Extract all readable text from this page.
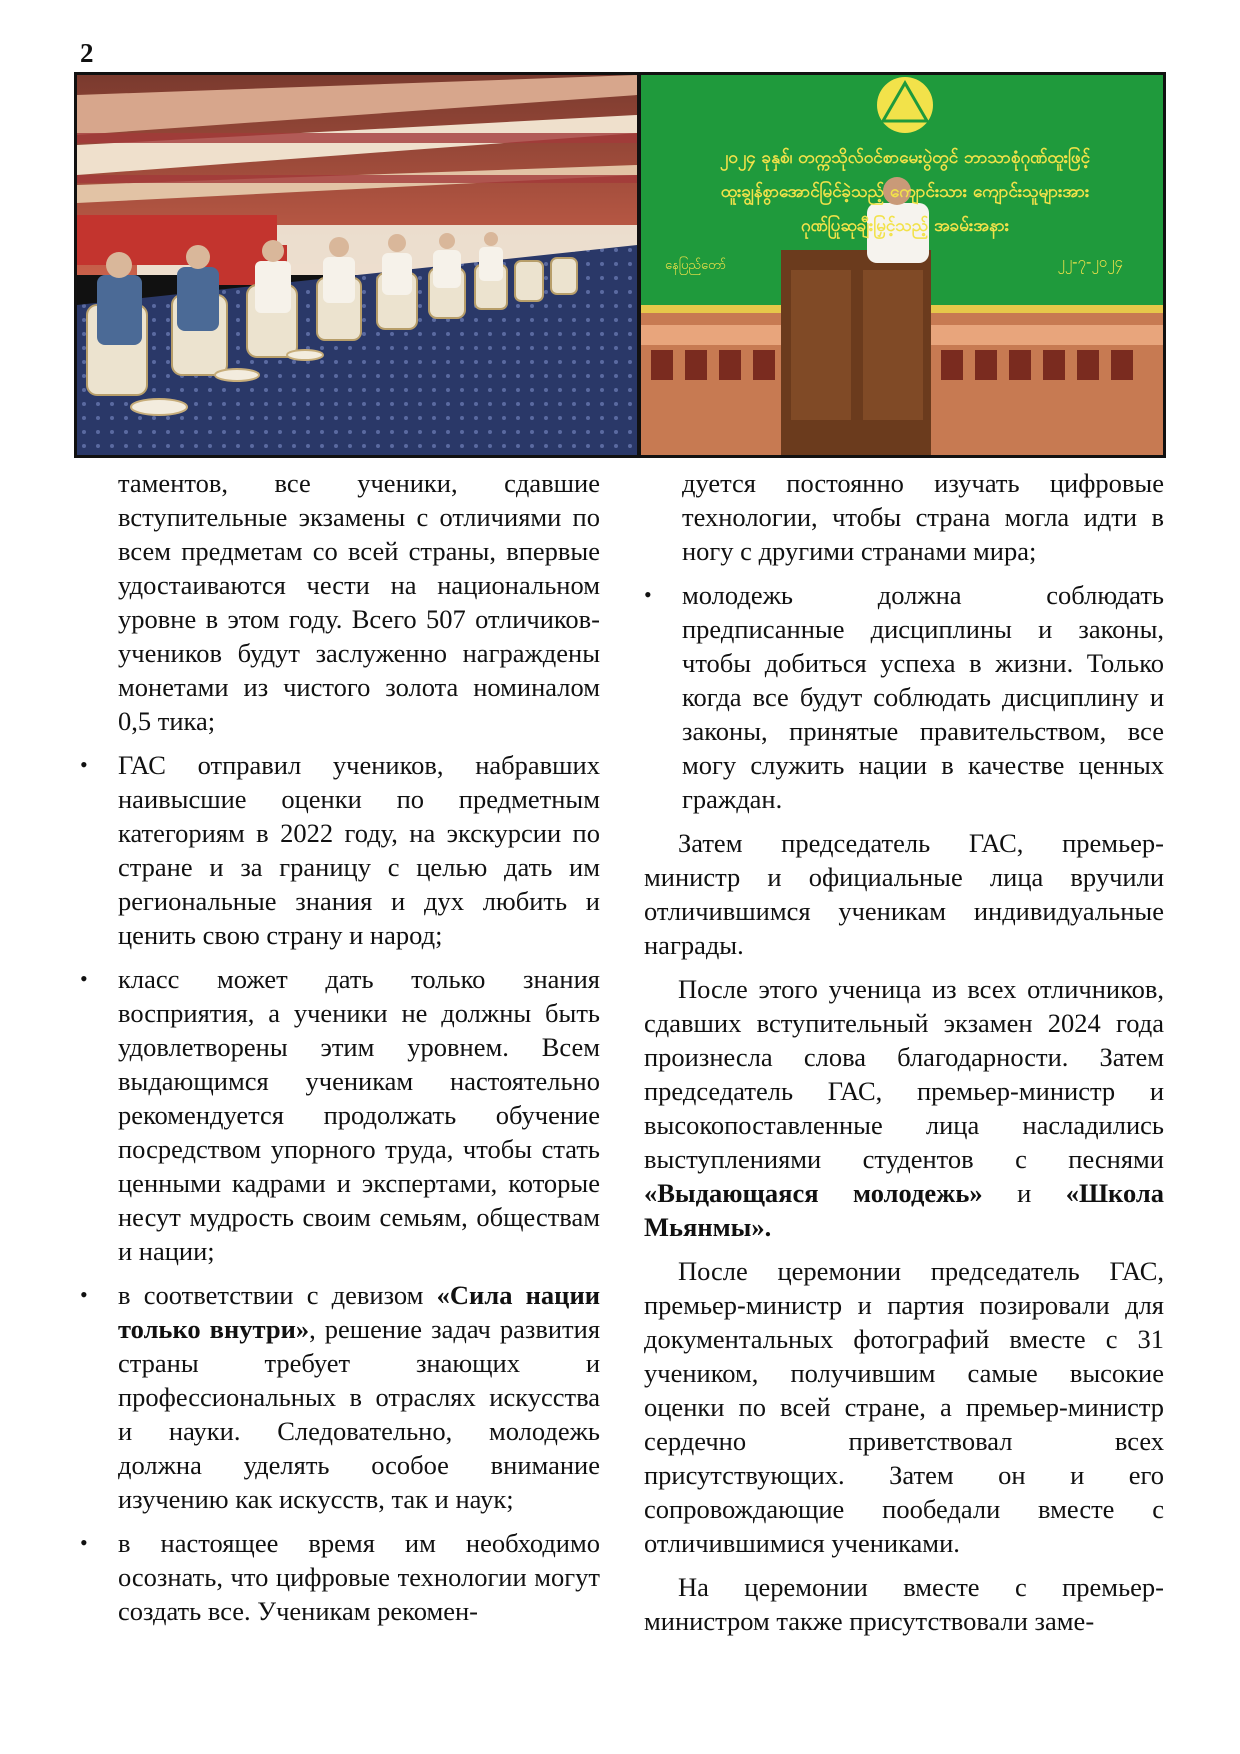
2
၂၀၂၄ ခုနှစ်၊ တက္ကသိုလ်ဝင်စာမေးပွဲတွင် ဘာသာစုံဂုဏ်ထူးဖြင့်
ထူးချွန်စွာအောင်မြင်ခဲ့သည့် ကျောင်းသား ကျောင်းသူများအား
ဂုဏ်ပြုဆုချီးမြှင့်သည့် အခမ်းအနား
နေပြည်တော်	၂၂-၇-၂၀၂၄

таментов, все ученики, сдавшие вступительные экзамены с отличиями по всем предметам со всей страны, впервые удостаиваются чести на национальном уровне в этом году. Всего 507 отличиков-учеников будут заслуженно награждены монетами из чистого золота номиналом 0,5 тика;

• ГАС отправил учеников, набравших наивысшие оценки по предметным категориям в 2022 году, на экскурсии по стране и за границу с целью дать им региональные знания и дух любить и ценить свою страну и народ;
• класс может дать только знания восприятия, а ученики не должны быть удовлетворены этим уровнем. Всем выдающимся ученикам настоятельно рекомендуется продолжать обучение посредством упорного труда, чтобы стать ценными кадрами и экспертами, которые несут мудрость своим семьям, обществам и нации;
• в соответствии с девизом «Сила нации только внутри», решение задач развития страны требует знающих и профессиональных в отраслях искусства и науки. Следовательно, молодежь должна уделять особое внимание изучению как искусств, так и наук;
• в настоящее время им необходимо осознать, что цифровые технологии могут создать все. Ученикам рекомен-

дуется постоянно изучать цифровые технологии, чтобы страна могла идти в ногу с другими странами мира;

• молодежь должна соблюдать предписанные дисциплины и законы, чтобы добиться успеха в жизни. Только когда все будут соблюдать дисциплину и законы, принятые правительством, все могу служить нации в качестве ценных граждан.

Затем председатель ГАС, премьер-министр и официальные лица вручили отличившимся ученикам индивидуальные награды.

После этого ученица из всех отличников, сдавших вступительный экзамен 2024 года произнесла слова благодарности. Затем председатель ГАС, премьер-министр и высокопоставленные лица насладились выступлениями студентов с песнями «Выдающаяся молодежь» и «Школа Мьянмы».

После церемонии председатель ГАС, премьер-министр и партия позировали для документальных фотографий вместе с 31 учеником, получившим самые высокие оценки по всей стране, а премьер-министр сердечно приветствовал всех присутствующих. Затем он и его сопровождающие пообедали вместе с отличившимися учениками.

На церемонии вместе с премьер-министром также присутствовали заме-
